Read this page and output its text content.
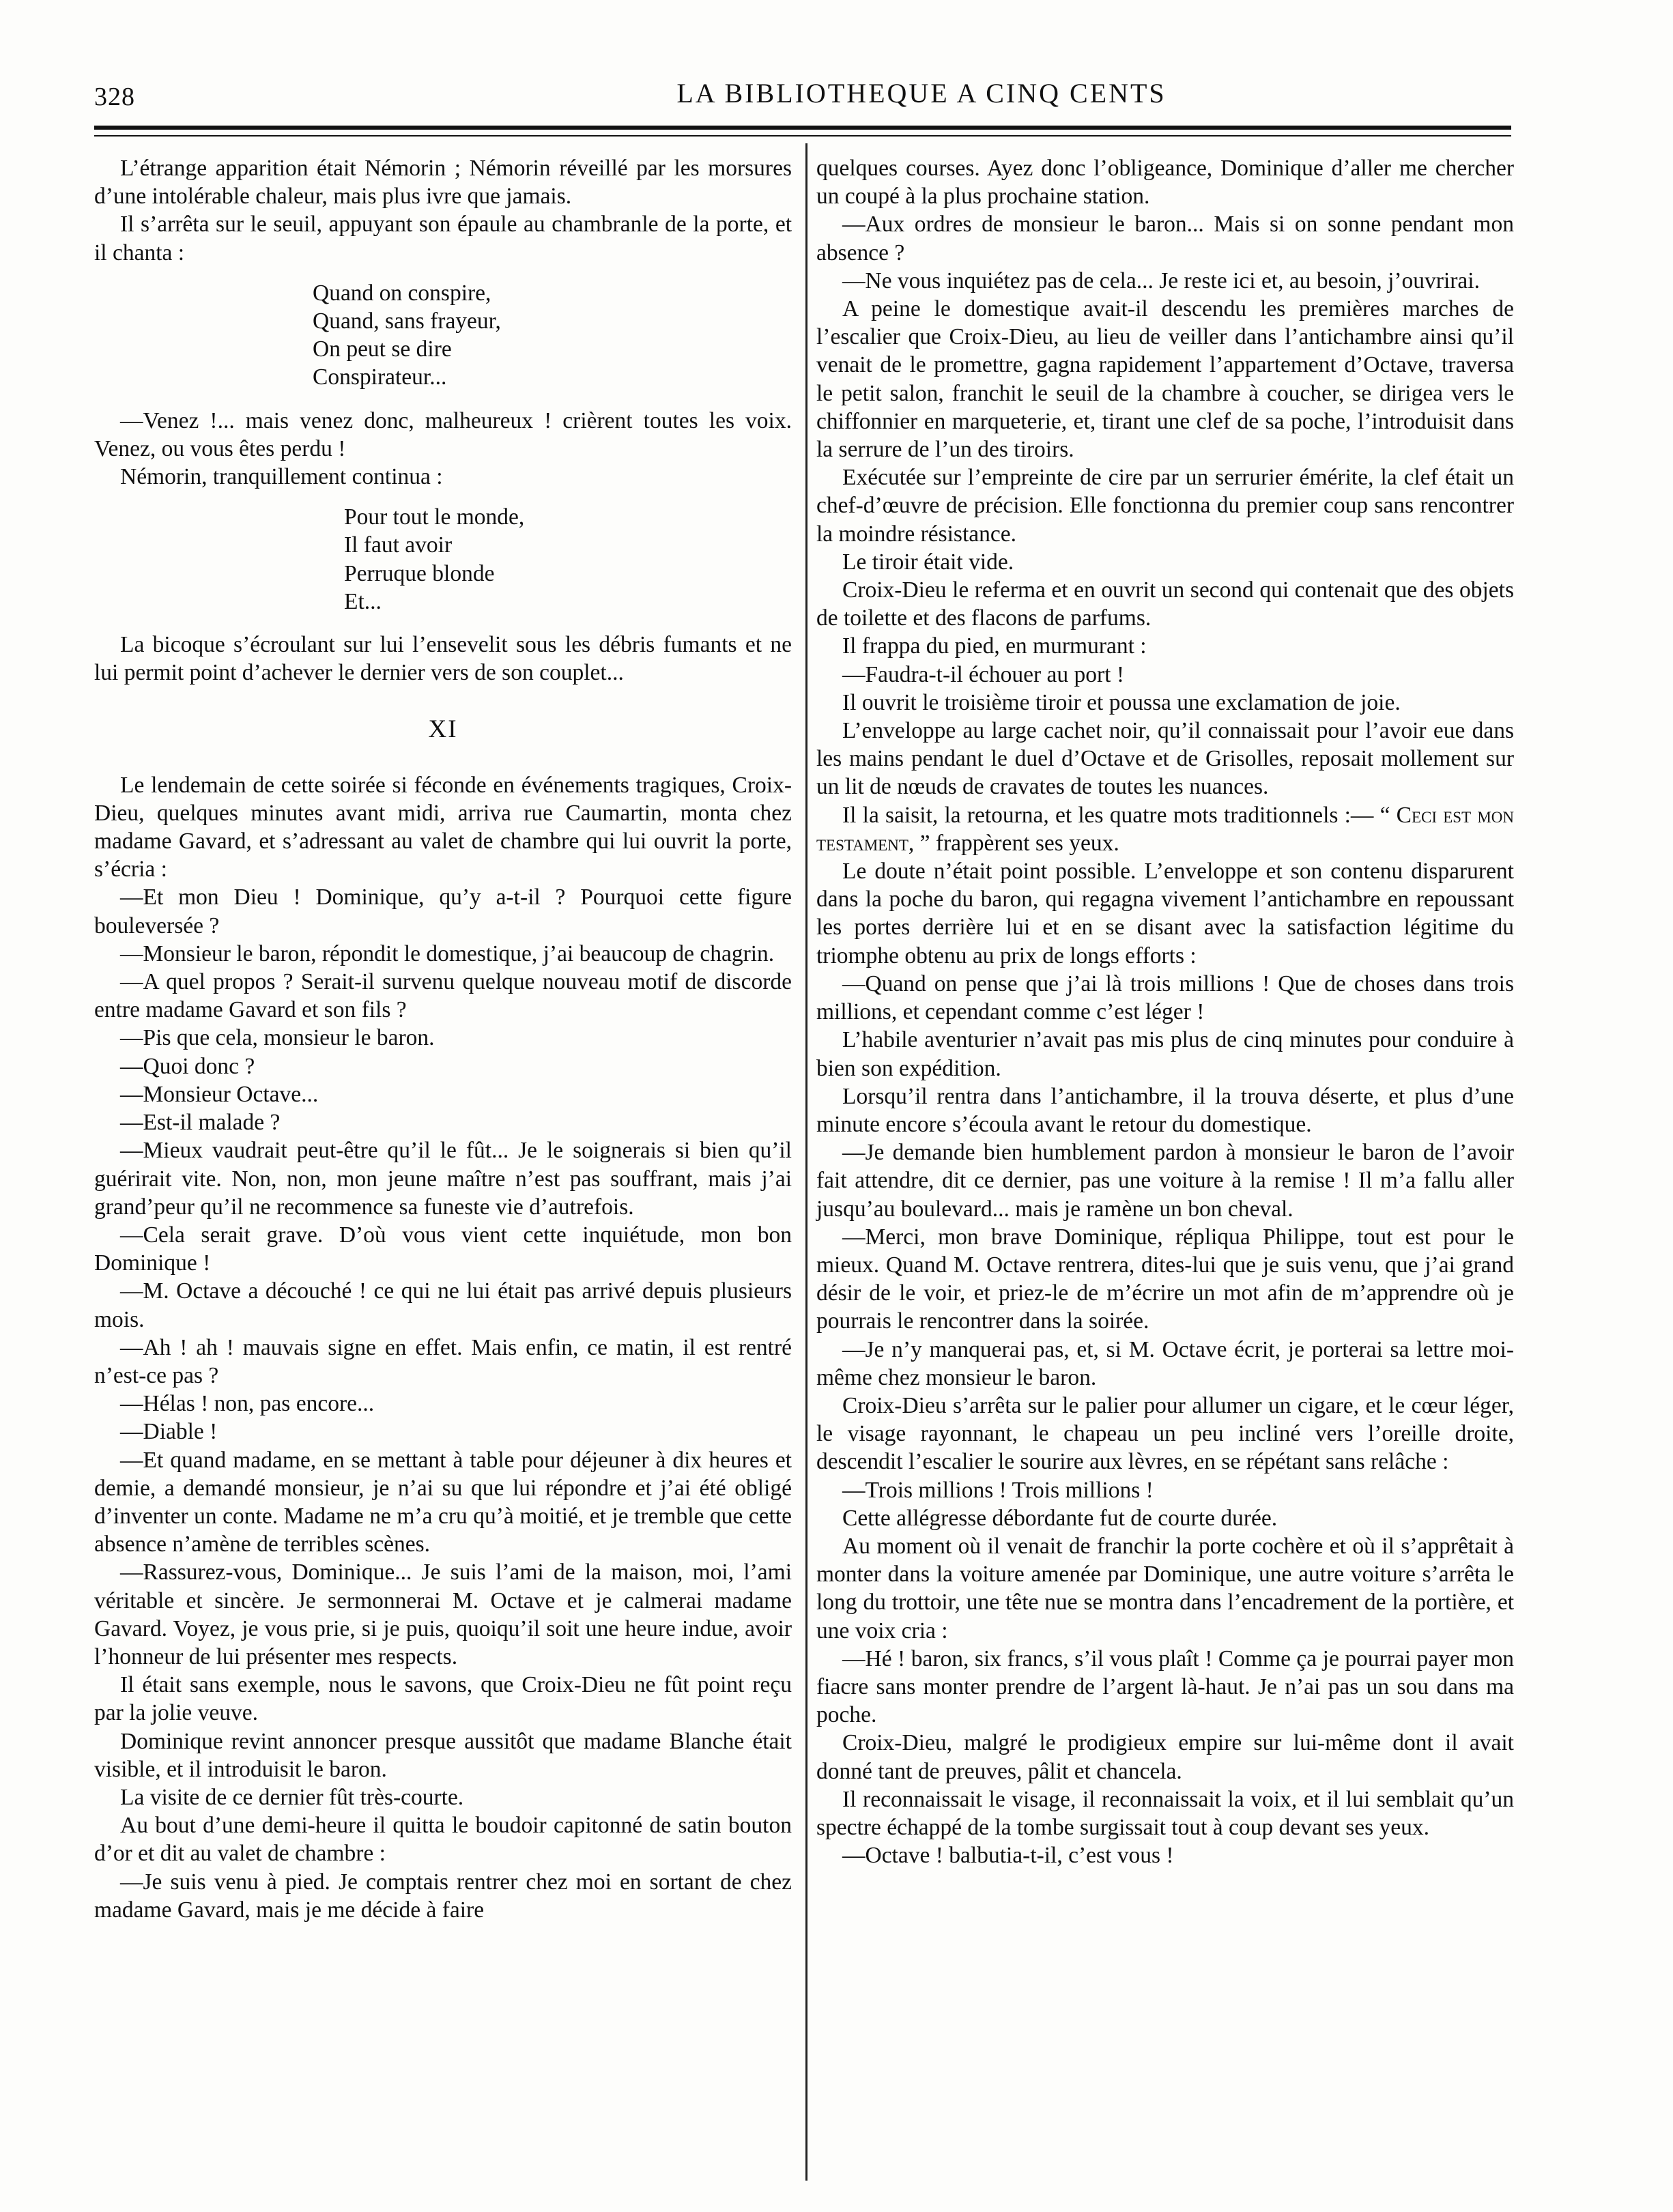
328	LA BIBLIOTHEQUE A CINQ CENTS

L’étrange apparition était Némorin ; Némorin réveillé par les morsures d’une intolérable chaleur, mais plus ivre que jamais.

Il s’arrêta sur le seuil, appuyant son épaule au chambranle de la porte, et il chanta :

Quand on conspire,
Quand, sans frayeur,
On peut se dire
Conspirateur...

—Venez !... mais venez donc, malheureux ! crièrent toutes les voix. Venez, ou vous êtes perdu !

Némorin, tranquillement continua :

Pour tout le monde,
Il faut avoir
Perruque blonde
Et...

La bicoque s’écroulant sur lui l’ensevelit sous les débris fumants et ne lui permit point d’achever le dernier vers de son couplet...

XI

Le lendemain de cette soirée si féconde en événements tragiques, Croix-Dieu, quelques minutes avant midi, arriva rue Caumartin, monta chez madame Gavard, et s’adressant au valet de chambre qui lui ouvrit la porte, s’écria :

—Et mon Dieu ! Dominique, qu’y a-t-il ? Pourquoi cette figure bouleversée ?

—Monsieur le baron, répondit le domestique, j’ai beaucoup de chagrin.

—A quel propos ? Serait-il survenu quelque nouveau motif de discorde entre madame Gavard et son fils ?

—Pis que cela, monsieur le baron.

—Quoi donc ?

—Monsieur Octave...

—Est-il malade ?

—Mieux vaudrait peut-être qu’il le fût... Je le soignerais si bien qu’il guérirait vite. Non, non, mon jeune maître n’est pas souffrant, mais j’ai grand’peur qu’il ne recommence sa funeste vie d’autrefois.

—Cela serait grave. D’où vous vient cette inquiétude, mon bon Dominique !

—M. Octave a découché ! ce qui ne lui était pas arrivé depuis plusieurs mois.

—Ah ! ah ! mauvais signe en effet. Mais enfin, ce matin, il est rentré n’est-ce pas ?

—Hélas ! non, pas encore...

—Diable !

—Et quand madame, en se mettant à table pour déjeuner à dix heures et demie, a demandé monsieur, je n’ai su que lui répondre et j’ai été obligé d’inventer un conte. Madame ne m’a cru qu’à moitié, et je tremble que cette absence n’amène de terribles scènes.

—Rassurez-vous, Dominique... Je suis l’ami de la maison, moi, l’ami véritable et sincère. Je sermonnerai M. Octave et je calmerai madame Gavard. Voyez, je vous prie, si je puis, quoiqu’il soit une heure indue, avoir l’honneur de lui présenter mes respects.

Il était sans exemple, nous le savons, que Croix-Dieu ne fût point reçu par la jolie veuve.

Dominique revint annoncer presque aussitôt que madame Blanche était visible, et il introduisit le baron.

La visite de ce dernier fût très-courte.

Au bout d’une demi-heure il quitta le boudoir capitonné de satin bouton d’or et dit au valet de chambre :

—Je suis venu à pied. Je comptais rentrer chez moi en sortant de chez madame Gavard, mais je me décide à faire

quelques courses. Ayez donc l’obligeance, Dominique d’aller me chercher un coupé à la plus prochaine station.

—Aux ordres de monsieur le baron... Mais si on sonne pendant mon absence ?

—Ne vous inquiétez pas de cela... Je reste ici et, au besoin, j’ouvrirai.

A peine le domestique avait-il descendu les premières marches de l’escalier que Croix-Dieu, au lieu de veiller dans l’antichambre ainsi qu’il venait de le promettre, gagna rapidement l’appartement d’Octave, traversa le petit salon, franchit le seuil de la chambre à coucher, se dirigea vers le chiffonnier en marqueterie, et, tirant une clef de sa poche, l’introduisit dans la serrure de l’un des tiroirs.

Exécutée sur l’empreinte de cire par un serrurier émérite, la clef était un chef-d’œuvre de précision. Elle fonctionna du premier coup sans rencontrer la moindre résistance.

Le tiroir était vide.

Croix-Dieu le referma et en ouvrit un second qui contenait que des objets de toilette et des flacons de parfums.

Il frappa du pied, en murmurant :

—Faudra-t-il échouer au port !

Il ouvrit le troisième tiroir et poussa une exclamation de joie.

L’enveloppe au large cachet noir, qu’il connaissait pour l’avoir eue dans les mains pendant le duel d’Octave et de Grisolles, reposait mollement sur un lit de nœuds de cravates de toutes les nuances.

Il la saisit, la retourna, et les quatre mots traditionnels :— “ Ceci est mon testament, ” frappèrent ses yeux.

Le doute n’était point possible. L’enveloppe et son contenu disparurent dans la poche du baron, qui regagna vivement l’antichambre en repoussant les portes derrière lui et en se disant avec la satisfaction légitime du triomphe obtenu au prix de longs efforts :

—Quand on pense que j’ai là trois millions ! Que de choses dans trois millions, et cependant comme c’est léger !

L’habile aventurier n’avait pas mis plus de cinq minutes pour conduire à bien son expédition.

Lorsqu’il rentra dans l’antichambre, il la trouva déserte, et plus d’une minute encore s’écoula avant le retour du domestique.

—Je demande bien humblement pardon à monsieur le baron de l’avoir fait attendre, dit ce dernier, pas une voiture à la remise ! Il m’a fallu aller jusqu’au boulevard... mais je ramène un bon cheval.

—Merci, mon brave Dominique, répliqua Philippe, tout est pour le mieux. Quand M. Octave rentrera, dites-lui que je suis venu, que j’ai grand désir de le voir, et priez-le de m’écrire un mot afin de m’apprendre où je pourrais le rencontrer dans la soirée.

—Je n’y manquerai pas, et, si M. Octave écrit, je porterai sa lettre moi-même chez monsieur le baron.

Croix-Dieu s’arrêta sur le palier pour allumer un cigare, et le cœur léger, le visage rayonnant, le chapeau un peu incliné vers l’oreille droite, descendit l’escalier le sourire aux lèvres, en se répétant sans relâche :

—Trois millions ! Trois millions !

Cette allégresse débordante fut de courte durée.

Au moment où il venait de franchir la porte cochère et où il s’apprêtait à monter dans la voiture amenée par Dominique, une autre voiture s’arrêta le long du trottoir, une tête nue se montra dans l’encadrement de la portière, et une voix cria :

—Hé ! baron, six francs, s’il vous plaît ! Comme ça je pourrai payer mon fiacre sans monter prendre de l’argent là-haut. Je n’ai pas un sou dans ma poche.

Croix-Dieu, malgré le prodigieux empire sur lui-même dont il avait donné tant de preuves, pâlit et chancela.

Il reconnaissait le visage, il reconnaissait la voix, et il lui semblait qu’un spectre échappé de la tombe surgissait tout à coup devant ses yeux.

—Octave ! balbutia-t-il, c’est vous !
